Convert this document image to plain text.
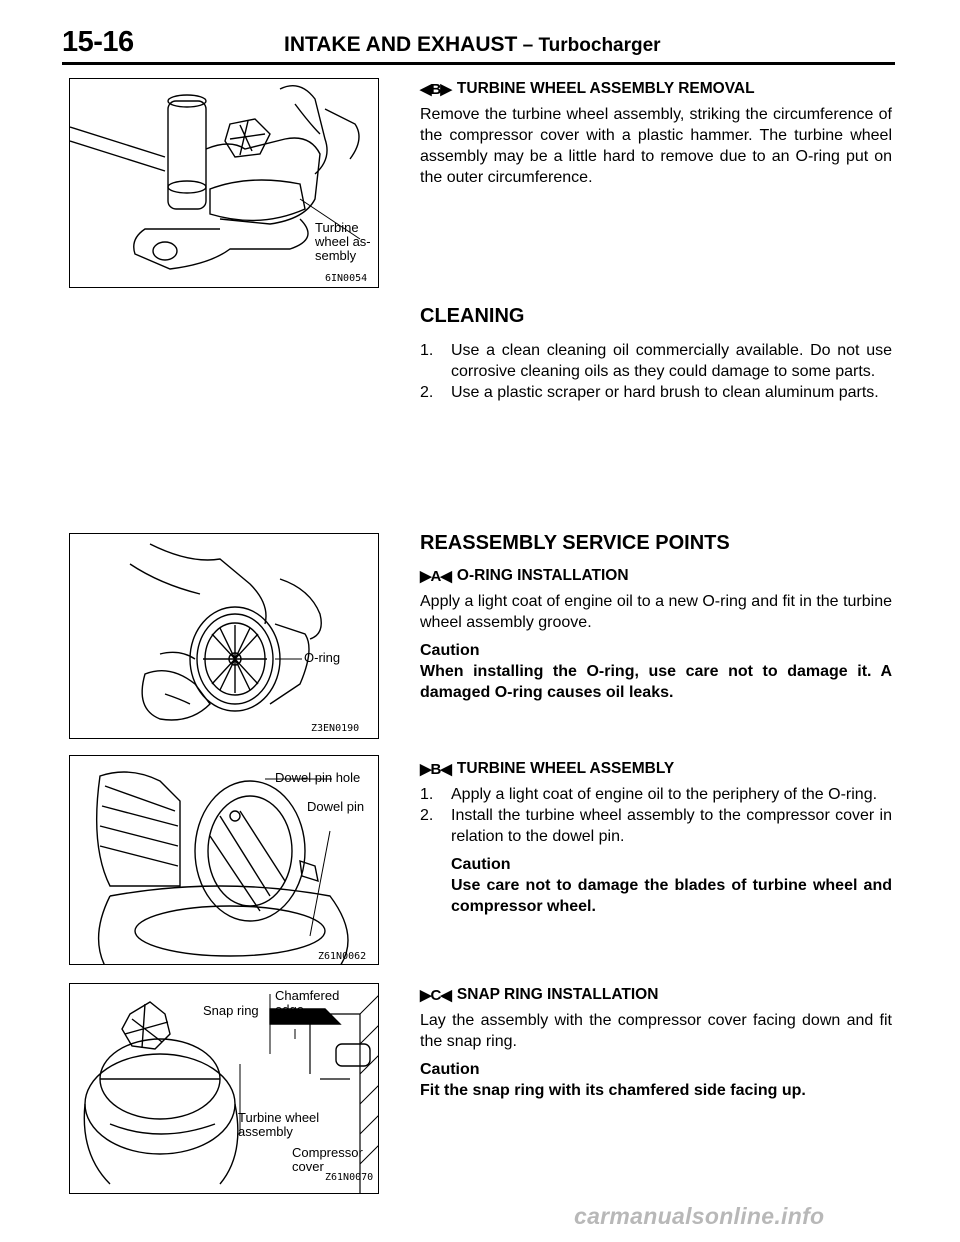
15-16	INTAKE AND EXHAUST – Turbocharger
Turbine
wheel as-
sembly
6IN0054
O-ring
Z3EN0190
Dowel pin hole
Dowel pin
Z61N0062
Snap ring
Chamfered
edge
Turbine wheel
assembly
Compressor
cover
Z61N0070
◀B▶ TURBINE WHEEL ASSEMBLY REMOVAL
Remove the turbine wheel assembly, striking the circumference of the compressor cover with a plastic hammer. The turbine wheel assembly may be a little hard to remove due to an O-ring put on the outer circumference.
CLEANING
1. Use a clean cleaning oil commercially available. Do not use corrosive cleaning oils as they could damage to some parts.
2. Use a plastic scraper or hard brush to clean aluminum parts.
REASSEMBLY SERVICE POINTS
▶A◀ O-RING INSTALLATION
Apply a light coat of engine oil to a new O-ring and fit in the turbine wheel assembly groove.
Caution
When installing the O-ring, use care not to damage it. A damaged O-ring causes oil leaks.
▶B◀ TURBINE WHEEL ASSEMBLY
1. Apply a light coat of engine oil to the periphery of the O-ring.
2. Install the turbine wheel assembly to the compressor cover in relation to the dowel pin.
Caution
Use care not to damage the blades of turbine wheel and compressor wheel.
▶C◀ SNAP RING INSTALLATION
Lay the assembly with the compressor cover facing down and fit the snap ring.
Caution
Fit the snap ring with its chamfered side facing up.
carmanualsonline.info
